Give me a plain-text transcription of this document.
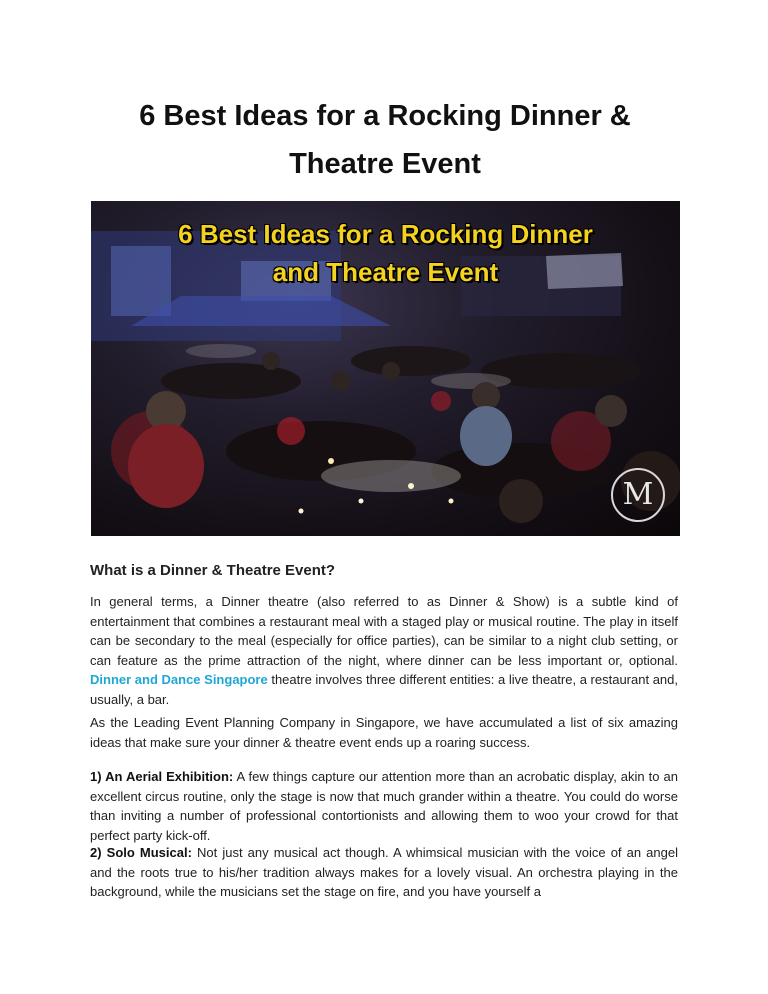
6 Best Ideas for a Rocking Dinner &
Theatre Event
6 Best Ideas for a Rocking Dinner
and Theatre Event
M
What is a Dinner & Theatre Event?
In general terms, a Dinner theatre (also referred to as Dinner & Show) is a subtle kind of entertainment that combines a restaurant meal with a staged play or musical routine. The play in itself can be secondary to the meal (especially for office parties), can be similar to a night club setting, or can feature as the prime attraction of the night, where dinner can be less important or, optional. Dinner and Dance Singapore theatre involves three different entities: a live theatre, a restaurant and, usually, a bar.
As the Leading Event Planning Company in Singapore, we have accumulated a list of six amazing ideas that make sure your dinner & theatre event ends up a roaring success.
1) An Aerial Exhibition: A few things capture our attention more than an acrobatic display, akin to an excellent circus routine, only the stage is now that much grander within a theatre. You could do worse than inviting a number of professional contortionists and allowing them to woo your crowd for that perfect party kick-off.
2) Solo Musical: Not just any musical act though. A whimsical musician with the voice of an angel and the roots true to his/her tradition always makes for a lovely visual. An orchestra playing in the background, while the musicians set the stage on fire, and you have yourself a
